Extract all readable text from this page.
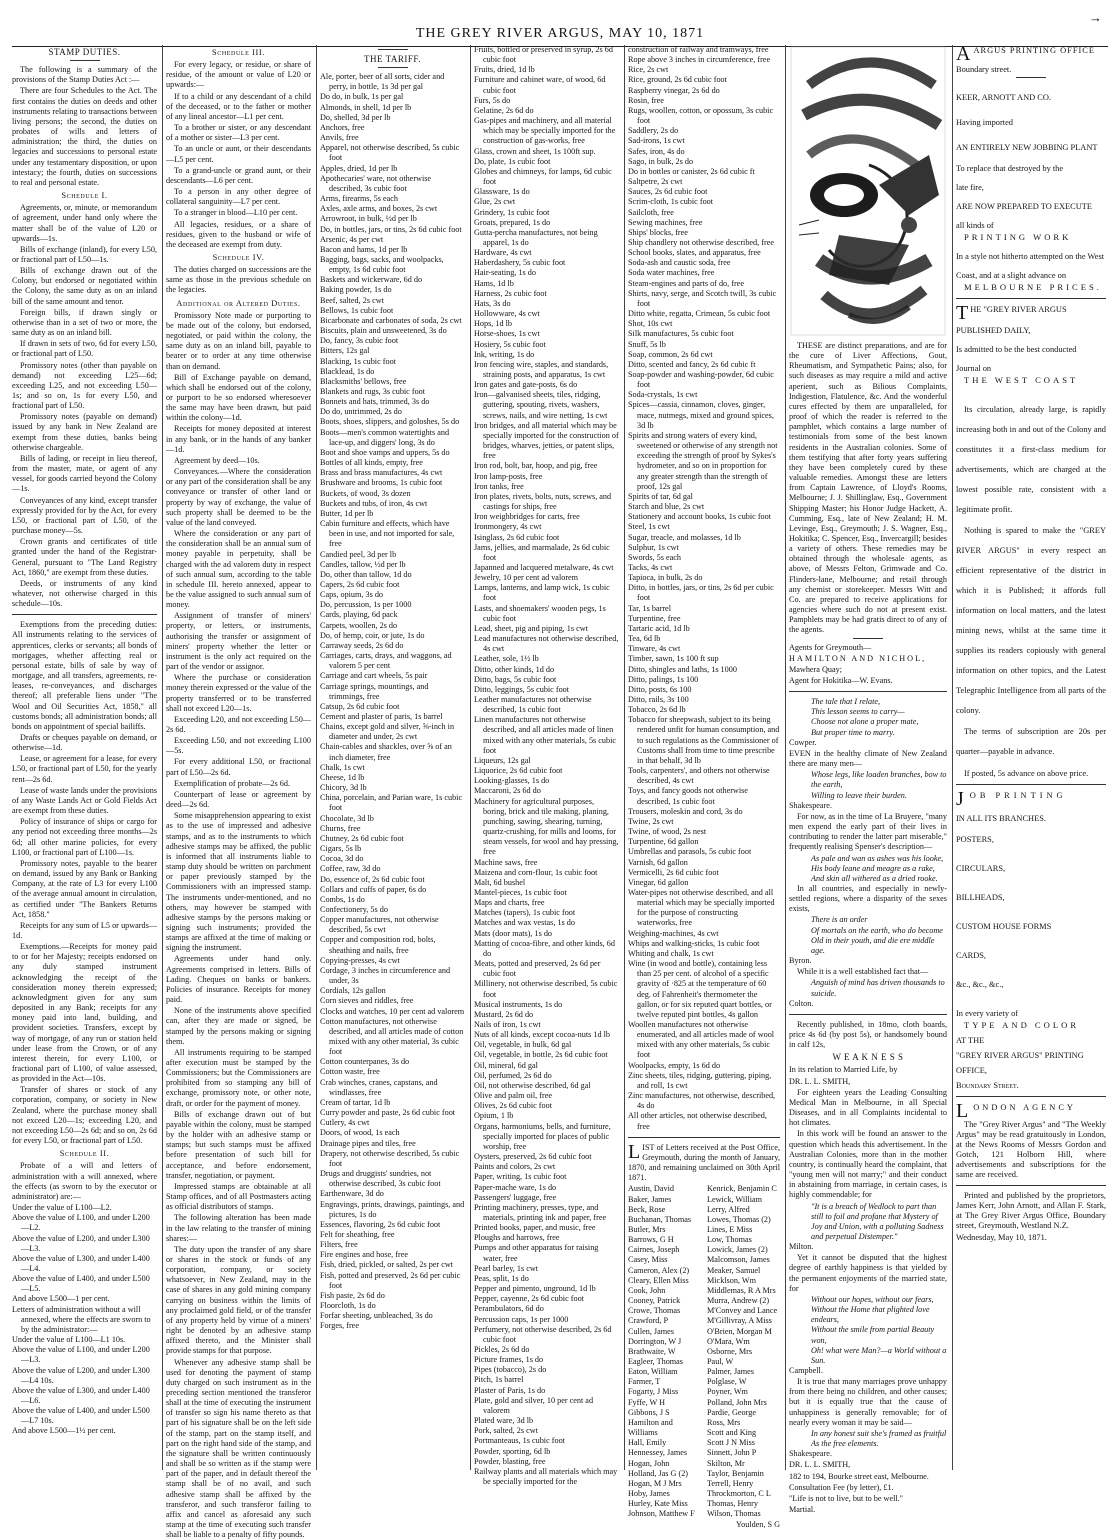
THE GREY RIVER ARGUS, MAY 10, 1871
→
STAMP DUTIES.

The following is a summary of the provisions of the Stamp Duties Act :—

There are four Schedules to the Act. The first contains the duties on deeds and other instruments relating to transactions between living persons; the second, the duties on probates of wills and letters of administration; the third, the duties on legacies and successions to personal estate under any testamentary disposition, or upon intestacy; the fourth, duties on successions to real and personal estate.

Schedule I.

Agreements, or, minute, or memorandum of agreement, under hand only where the matter shall be of the value of L20 or upwards—1s.

Bills of exchange (inland), for every L50, or fractional part of L50—1s.

Bills of exchange drawn out of the Colony, but endorsed or negotiated within the Colony, the same duty as on an inland bill of the same amount and tenor.

Foreign bills, if drawn singly or otherwise than in a set of two or more, the same duty as on an inland bill.

If drawn in sets of two, 6d for every L50, or fractional part of L50.

Promissory notes (other than payable on demand) not exceeding L25—6d; exceeding L25, and not exceeding L50—1s; and so on, 1s for every L50, and fractional part of L50.

Promissory notes (payable on demand) issued by any bank in New Zealand are exempt from these duties, banks being otherwise chargeable.

Bills of lading, or receipt in lieu thereof, from the master, mate, or agent of any vessel, for goods carried beyond the Colony—1s.

Conveyances of any kind, except transfer expressly provided for by the Act, for every L50, or fractional part of L50, of the purchase money—5s.

Crown grants and certificates of title granted under the hand of the Registrar-General, pursuant to "The Land Registry Act, 1860," are exempt from these duties.

Deeds, or instruments of any kind whatever, not otherwise charged in this schedule—10s.

Exemptions from the preceding duties: All instruments relating to the services of apprentices, clerks or servants; all bonds of mortgages, whether affecting real or personal estate, bills of sale by way of mortgage, and all transfers, agreements, re-leases, re-conveyances, and discharges thereof; all preferable liens under "The Wool and Oil Securities Act, 1858," all customs bonds; all administration bonds; all bonds on appointment of special bailiffs.

Drafts or cheques payable on demand, or otherwise—1d.

Lease, or agreement for a lease, for every L50, or fractional part of L50, for the yearly rent—2s 6d.

Lease of waste lands under the provisions of any Waste Lands Act or Gold Fields Act are exempt from these duties.

Policy of insurance of ships or cargo for any period not exceeding three months—2s 6d; all other marine policies, for every L100, or fractional part of L100—1s.

Promissory notes, payable to the bearer on demand, issued by any Bank or Banking Company, at the rate of L3 for every L100 of the average annual amount in circulation, as certified under "The Bankers Returns Act, 1858."

Receipts for any sum of L5 or upwards—1d.

Exemptions.—Receipts for money paid to or for her Majesty; receipts endorsed on any duly stamped instrument acknowledging the receipt of the consideration money therein expressed; acknowledgment given for any sum deposited in any Bank; receipts for any money paid into land, building, and provident societies. Transfers, except by way of mortgage, of any run or station held under lease from the Crown, or of any interest therein, for every L100, or fractional part of L100, of value assessed, as provided in the Act—10s.

Transfer of shares or stock of any corporation, company, or society in New Zealand, where the purchase money shall not exceed L20—1s; exceeding L20, and not exceeding L50—2s 6d; and so on, 2s 6d for every L50, or fractional part of L50.

Schedule II.

Probate of a will and letters of administration with a will annexed, where the effects (as sworn to by the executor or administrator) are:—

Under the value of L100—L2.
Above the value of L100, and under L200—L2.
Above the value of L200, and under L300—L3.
Above the value of L300, and under L400—L4.
Above the value of L400, and under L500—L5.
And above L500—1 per cent.
Letters of administration without a will annexed, where the effects are sworn to by the administrator:—
Under the value of L100—L1 10s.
Above the value of L100, and under L200—L3.
Above the value of L200, and under L300—L4 10s.
Above the value of L300, and under L400—L6.
Above the value of L400, and under L500—L7 10s.
And above L500—1½ per cent.
Schedule III.

For every legacy, or residue, or share of residue, of the amount or value of L20 or upwards:—

If to a child or any descendant of a child of the deceased, or to the father or mother of any lineal ancestor—L1 per cent.

To a brother or sister, or any descendant of a mother or sister—L3 per cent.

To an uncle or aunt, or their descendants—L5 per cent.

To a grand-uncle or grand aunt, or their descendants—L6 per cent.

To a person in any other degree of collateral sanguinity—L7 per cent.

To a stranger in blood—L10 per cent.

All legacies, residues, or a share of residues, given to the husband or wife of the deceased are exempt from duty.

Schedule IV.

The duties charged on successions are the same as those in the previous schedule on the legacies.

Additional or Altered Duties.

Promissory Note made or purporting to be made out of the colony, but endorsed, negotiated, or paid within the colony, the same duty as on an inland bill, payable to bearer or to order at any time otherwise than on demand.

Bill of Exchange payable on demand, which shall be endorsed out of the colony, or purport to be so endorsed wheresoever the same may have been drawn, but paid within the colony—1d.

Receipts for money deposited at interest in any bank, or in the hands of any banker—1d.

Agreement by deed—10s.

Conveyances.—Where the consideration or any part of the consideration shall be any conveyance or transfer of other land or property by way of exchange, the value of such property shall be deemed to be the value of the land conveyed.

Where the consideration or any part of the consideration shall be an annual sum of money payable in perpetuity, shall be charged with the ad valorem duty in respect of such annual sum, according to the table in schedule III. hereto annexed, appear to be the value assigned to such annual sum of money.

Assignment of transfer of miners' property, or letters, or instruments, authorising the transfer or assignment of miners' property whether the letter or instrument is the only act required on the part of the vendor or assignor.

Where the purchase or consideration money therein expressed or the value of the property transferred or to be transferred shall not exceed L20—1s.

Exceeding L20, and not exceeding L50—2s 6d.

Exceeding L50, and not exceeding L100—5s.

For every additional L50, or fractional part of L50—2s 6d.

Exemplification of probate—2s 6d.

Counterpart of lease or agreement by deed—2s 6d.

Some misapprehension appearing to exist as to the use of impressed and adhesive stamps, and as to the instruments to which adhesive stamps may be affixed, the public is informed that all instruments liable to stamp duty should be written on parchment or paper previously stamped by the Commissioners with an impressed stamp. The instruments under-mentioned, and no others, may however be stamped with adhesive stamps by the persons making or signing such instruments; provided the stamps are affixed at the time of making or signing the instrument.

Agreements under hand only. Agreements comprised in letters. Bills of Lading. Cheques on banks or bankers. Policies of insurance. Receipts for money paid.

None of the instruments above specified can, after they are made or signed, be stamped by the persons making or signing them.

All instruments requiring to be stamped after execution must be stamped by the Commissioners; but the Commissioners are prohibited from so stamping any bill of exchange, promissory note, or other note, draft, or order for the payment of money.

Bills of exchange drawn out of but payable within the colony, must be stamped by the holder with an adhesive stamp or stamps; but such stamps must be affixed before presentation of such bill for acceptance, and before endorsement, transfer, negotiation, or payment.

Impressed stamps are obtainable at all Stamp offices, and of all Postmasters acting as official distributors of stamps.

The following alteration has been made in the law relating to the transfer of mining shares:—

The duty upon the transfer of any share or shares in the stock or funds of any corporation, company, or society whatsoever, in New Zealand, may in the case of shares in any gold mining company carrying on business within the limits of any proclaimed gold field, or of the transfer of any property held by virtue of a miners' right be denoted by an adhesive stamp affixed thereto, and the Minister shall provide stamps for that purpose.

Whenever any adhesive stamp shall be used for denoting the payment of stamp duty charged on such instrument as in the preceding section mentioned the transferor shall at the time of executing the instrument of transfer so sign his name thereto as that part of his signature shall be on the left side of the stamp, part on the stamp itself, and part on the right hand side of the stamp, and the signature shall be written continuously and shall be so written as if the stamp were part of the paper, and in default thereof the stamp shall be of no avail, and such adhesive stamp shall be affixed by the transferor, and such transferor failing to affix and cancel as aforesaid any such stamp at the time of executing such transfer shall be liable to a penalty of fifty pounds.

THE TARIFF.
Ale, porter, beer of all sorts, cider and perry, in bottle, 1s 3d per gal
Do do, in bulk, 1s per gal
Almonds, in shell, 1d per lb
Do, shelled, 3d per lb
Anchors, free
Anvils, free
Apparel, not otherwise described, 5s cubic foot
Apples, dried, 1d per lb
Apothecaries' ware, not otherwise described, 3s cubic foot
Arms, firearms, 5s each
Axles, axle arms, and boxes, 2s cwt
Arrowroot, in bulk, ½d per lb
Do, in bottles, jars, or tins, 2s 6d cubic foot
Arsenic, 4s per cwt
Bacon and hams, 1d per lb
Bagging, bags, sacks, and woolpacks, empty, 1s 6d cubic foot
Baskets and wickerware, 6d do
Baking powder, 1s do
Beef, salted, 2s cwt
Bellows, 1s cubic foot
Bicarbonate and carbonates of soda, 2s cwt
Biscuits, plain and unsweetened, 3s do
Do, fancy, 3s cubic foot
Bitters, 12s gal
Blacking, 1s cubic foot
Blacklead, 1s do
Blacksmiths' bellows, free
Blankets and rugs, 3s cubic foot
Bonnets and hats, trimmed, 3s do
Do do, untrimmed, 2s do
Boots, shoes, slippers, and goloshes, 5s do
Boots—men's common watertights and lace-up, and diggers' long, 3s do
Boot and shoe vamps and uppers, 5s do
Bottles of all kinds, empty, free
Brass and brass manufactures, 4s cwt
Brushware and brooms, 1s cubic foot
Buckets, of wood, 3s dozen
Buckets and tubs, of iron, 4s cwt
Butter, 1d per lb
Cabin furniture and effects, which have been in use, and not imported for sale, free
Candied peel, 3d per lb
Candles, tallow, ½d per lb
Do, other than tallow, 1d do
Capers, 2s 6d cubic foot
Caps, opium, 3s do
Do, percussion, 1s per 1000
Cards, playing, 6d pack
Carpets, woollen, 2s do
Do, of hemp, coir, or jute, 1s do
Carraway seeds, 2s 6d do
Carriages, carts, drays, and waggons, ad valorem 5 per cent
Carriage and cart wheels, 5s pair
Carriage springs, mountings, and trimmings, free
Catsup, 2s 6d cubic foot
Cement and plaster of paris, 1s barrel
Chains, except gold and silver, ⅝-inch in diameter and under, 2s cwt
Chain-cables and shackles, over ⅝ of an inch diameter, free
Chalk, 1s cwt
Cheese, 1d lb
Chicory, 3d lb
China, porcelain, and Parian ware, 1s cubic foot
Chocolate, 3d lb
Churns, free
Chutney, 2s 6d cubic foot
Cigars, 5s lb
Cocoa, 3d do
Coffee, raw, 3d do
Do, essence of, 2s 6d cubic foot
Collars and cuffs of paper, 6s do
Combs, 1s do
Confectionery, 5s do
Copper manufactures, not otherwise described, 5s cwt
Copper and composition rod, bolts, sheathing and nails, free
Copying-presses, 4s cwt
Cordage, 3 inches in circumference and under, 3s
Cordials, 12s gallon
Corn sieves and riddles, free
Clocks and watches, 10 per cent ad valorem
Cotton manufactures, not otherwise described, and all articles made of cotton mixed with any other material, 3s cubic foot
Cotton counterpanes, 3s do
Cotton waste, free
Crab winches, cranes, capstans, and windlasses, free
Cream of tartar, 1d lb
Curry powder and paste, 2s 6d cubic foot
Cutlery, 4s cwt
Doors, of wood, 1s each
Drainage pipes and tiles, free
Drapery, not otherwise described, 5s cubic foot
Drugs and druggists' sundries, not otherwise described, 3s cubic foot
Earthenware, 3d do
Engravings, prints, drawings, paintings, and pictures, 1s do
Essences, flavoring, 2s 6d cubic foot
Felt for sheathing, free
Filters, free
Fire engines and hose, free
Fish, dried, pickled, or salted, 2s per cwt
Fish, potted and preserved, 2s 6d per cubic foot
Fish paste, 2s 6d do
Floorcloth, 1s do
Forfar sheeting, unbleached, 3s do
Forges, free
Fruits, bottled or preserved in syrup, 2s 6d cubic foot
Fruits, dried, 1d lb
Furniture and cabinet ware, of wood, 6d cubic foot
Furs, 5s do
Gelatine, 2s 6d do
Gas-pipes and machinery, and all material which may be specially imported for the construction of gas-works, free
Glass, crown and sheet, 1s 100ft sup.
Do, plate, 1s cubic foot
Globes and chimneys, for lamps, 6d cubic foot
Glassware, 1s do
Glue, 2s cwt
Grindery, 1s cubic foot
Groats, prepared, 1s do
Gutta-percha manufactures, not being apparel, 1s do
Hardware, 4s cwt
Haberdashery, 5s cubic foot
Hair-seating, 1s do
Hams, 1d lb
Harness, 2s cubic foot
Hats, 3s do
Hollowware, 4s cwt
Hops, 1d lb
Horse-shoes, 1s cwt
Hosiery, 5s cubic foot
Ink, writing, 1s do
Iron fencing wire, staples, and standards, straining posts, and apparatus, 1s cwt
Iron gates and gate-posts, 6s do
Iron—galvanised sheets, tiles, ridging, guttering, spouting, rivets, washers, screws, nails, and wire netting, 1s cwt
Iron bridges, and all material which may be specially imported for the construction of bridges, wharves, jetties, or patent slips, free
Iron rod, bolt, bar, hoop, and pig, free
Iron lamp-posts, free
Iron tanks, free
Iron plates, rivets, bolts, nuts, screws, and castings for ships, free
Iron weighbridges for carts, free
Ironmongery, 4s cwt
Isinglass, 2s 6d cubic foot
Jams, jellies, and marmalade, 2s 6d cubic foot
Japanned and lacquered metalware, 4s cwt
Jewelry, 10 per cent ad valorem
Lamps, lanterns, and lamp wick, 1s cubic foot
Lasts, and shoemakers' wooden pegs, 1s cubic foot
Lead, sheet, pig and piping, 1s cwt
Lead manufactures not otherwise described, 4s cwt
Leather, sole, 1½ lb
Ditto, other kinds, 1d do
Ditto, bags, 5s cubic foot
Ditto, leggings, 5s cubic foot
Leather manufactures not otherwise described, 1s cubic foot
Linen manufactures not otherwise described, and all articles made of linen mixed with any other materials, 5s cubic foot
Liqueurs, 12s gal
Liquorice, 2s 6d cubic foot
Looking-glasses, 1s do
Maccaroni, 2s 6d do
Machinery for agricultural purposes, boring, brick and tile making, planing, punching, sawing, shearing, turning, quartz-crushing, for mills and looms, for steam vessels, for wool and hay pressing, free
Machine saws, free
Maizena and corn-flour, 1s cubic foot
Malt, 6d bushel
Mantel-pieces, 1s cubic foot
Maps and charts, free
Matches (tapers), 1s cubic foot
Matches and wax vestas, 1s do
Mats (door mats), 1s do
Matting of cocoa-fibre, and other kinds, 6d do
Meats, potted and preserved, 2s 6d per cubic foot
Millinery, not otherwise described, 5s cubic foot
Musical instruments, 1s do
Mustard, 2s 6d do
Nails of iron, 1s cwt
Nuts of all kinds, except cocoa-nuts 1d lb
Oil, vegetable, in bulk, 6d gal
Oil, vegetable, in bottle, 2s 6d cubic foot
Oil, mineral, 6d gal
Oil, perfumed, 2s 6d do
Oil, not otherwise described, 6d gal
Olive and palm oil, free
Olives, 2s 6d cubic foot
Opium, 1 lb
Organs, harmoniums, bells, and furniture, specially imported for places of public worship, free
Oysters, preserved, 2s 6d cubic foot
Paints and colors, 2s cwt
Paper, writing, 1s cubic foot
Paper-mache ware, 1s do
Passengers' luggage, free
Printing machinery, presses, type, and materials, printing ink and paper, free
Printed books, paper, and music, free
Ploughs and harrows, free
Pumps and other apparatus for raising water, free
Pearl barley, 1s cwt
Peas, split, 1s do
Pepper and pimento, unground, 1d lb
Pepper, cayenne, 2s 6d cubic foot
Perambulators, 6d do
Percussion caps, 1s per 1000
Perfumery, not otherwise described, 2s 6d cubic foot
Pickles, 2s 6d do
Picture frames, 1s do
Pipes (tobacco), 2s do
Pitch, 1s barrel
Plaster of Paris, 1s do
Plate, gold and silver, 10 per cent ad valorem
Plated ware, 3d lb
Pork, salted, 2s cwt
Portmanteaus, 1s cubic foot
Powder, sporting, 6d lb
Powder, blasting, free
Railway plants and all materials which may be specially imported for the
construction of railway and tramways, free
Rope above 3 inches in circumference, free
Rice, 2s cwt
Rice, ground, 2s 6d cubic foot
Raspberry vinegar, 2s 6d do
Rosin, free
Rugs, woollen, cotton, or opossum, 3s cubic foot
Saddlery, 2s do
Sad-irons, 1s cwt
Safes, iron, 4s do
Sago, in bulk, 2s do
Do in bottles or canister, 2s 6d cubic ft
Saltpetre, 2s cwt
Sauces, 2s 6d cubic foot
Scrim-cloth, 1s cubic foot
Sailcloth, free
Sewing machines, free
Ships' blocks, free
Ship chandlery not otherwise described, free
School books, slates, and apparatus, free
Soda-ash and caustic soda, free
Soda water machines, free
Steam-engines and parts of do, free
Shirts, navy, serge, and Scotch twill, 3s cubic foot
Ditto white, regatta, Crimean, 5s cubic foot
Shot, 10s cwt
Silk manufactures, 5s cubic foot
Snuff, 5s lb
Soap, common, 2s 6d cwt
Ditto, scented and fancy, 2s 6d cubic ft
Soap-powder and washing-powder, 6d cubic foot
Soda-crystals, 1s cwt
Spices—cassia, cinnamon, cloves, ginger, mace, nutmegs, mixed and ground spices, 3d lb
Spirits and strong waters of every kind, sweetened or otherwise of any strength not exceeding the strength of proof by Sykes's hydrometer, and so on in proportion for any greater strength than the strength of proof, 12s gal
Spirits of tar, 6d gal
Starch and blue, 2s cwt
Stationery and account books, 1s cubic foot
Steel, 1s cwt
Sugar, treacle, and molasses, 1d lb
Sulphur, 1s cwt
Swords, 5s each
Tacks, 4s cwt
Tapioca, in bulk, 2s do
Ditto, in bottles, jars, or tins, 2s 6d per cubic foot
Tar, 1s barrel
Turpentine, free
Tartaric acid, 1d lb
Tea, 6d lb
Tinware, 4s cwt
Timber, sawn, 1s 100 ft sup
Ditto, shingles and laths, 1s 1000
Ditto, palings, 1s 100
Ditto, posts, 6s 100
Ditto, rails, 3s 100
Tobacco, 2s 6d lb
Tobacco for sheepwash, subject to its being rendered unfit for human consumption, and to such regulations as the Commissioner of Customs shall from time to time prescribe in that behalf, 3d lb
Tools, carpenters', and others not otherwise described, 4s cwt
Toys, and fancy goods not otherwise described, 1s cubic foot
Trousers, moleskin and cord, 3s do
Twine, 2s cwt
Twine, of wood, 2s nest
Turpentine, 6d gallon
Umbrellas and parasols, 5s cubic foot
Varnish, 6d gallon
Vermicelli, 2s 6d cubic foot
Vinegar, 6d gallon
Water-pipes not otherwise described, and all material which may be specially imported for the purpose of constructing waterworks, free
Weighing-machines, 4s cwt
Whips and walking-sticks, 1s cubic foot
Whiting and chalk, 1s cwt
Wine (in wood and bottle), containing less than 25 per cent. of alcohol of a specific gravity of ·825 at the temperature of 60 deg. of Fahrenheit's thermometer the gallon, or for six reputed quart bottles, or twelve reputed pint bottles, 4s gallon
Woollen manufactures not otherwise enumerated, and all articles made of wool mixed with any other materials, 5s cubic foot
Woolpacks, empty, 1s 6d do
Zinc sheets, tiles, ridging, guttering, piping, and roll, 1s cwt
Zinc manufactures, not otherwise, described, 4s do
All other articles, not otherwise described, free

LIST of Letters received at the Post Office, Greymouth, during the month of January, 1870, and remaining unclaimed on 30th April 1871.

Austin, David
Baker, James
Beck, Rose
Buchanan, Thomas
Butler, Mrs
Barrows, G H
Cairnes, Joseph
Casey, Miss
Cameron, Alex (2)
Cleary, Ellen Miss
Cook, John
Cooney, Patrick
Crowe, Thomas
Crawford, P
Cullen, James
Dorrington, W J
Brathwaite, W
Eagleer, Thomas
Eaton, William
Farmer, T
Fogarty, J Miss
Fyffe, W H
Gibbons, J S
Hamilton and Williams
Hall, Emily
Hennessey, James
Hogan, John
Holland, Jas G (2)
Hogan, M J Mrs
Hoby, James
Hurley, Kate Miss
Johnson, Matthew F
Kenrick, Benjamin C
Lewick, William
Lerry, Alfred
Lowes, Thomas (2)
Lines, E Miss
Low, Thomas
Lowick, James (2)
Malcomson, James
Meaker, Samuel
Micklson, Wm
Middlemas, R A Mrs
Murra, Andrew (2)
M'Convey and Lance
M'Gillivray, A Miss
O'Brien, Morgan M
O'Mara, Wm
Osborne, Mrs
Paul, W
Palmer, James
Polglase, W
Poyner, Wm
Polland, John Mrs
Pardie, George
Ross, Mrs
Scott and King
Scott J N Miss
Sinnett, John P
Skilton, Mr
Taylor, Benjamin
Terrell, Henry
Throckmorton, C L
Thomas, Henry
Wilson, Thomas
Youlden, S G

THESE are distinct preparations, and are for the cure of Liver Affections, Gout, Rheumatism, and Sympathetic Pains; also, for such diseases as may require a mild and active aperient, such as Bilious Complaints, Indigestion, Flatulence, &c. And the wonderful cures effected by them are unparalleled, for proof of which the reader is referred to the pamphlet, which contains a large number of testimonials from some of the best known residents in the Australian colonies. Some of them testifying that after forty years suffering they have been completely cured by these valuable remedies. Amongst these are letters from Captain Lawrence, of Lloyd's Rooms, Melbourne; J. J. Shillinglaw, Esq., Government Shipping Master; his Honor Judge Hackett, A. Cumming, Esq., late of New Zealand; H. M. Levinge, Esq., Greymouth; J. S. Wagner, Esq., Hokitika; C. Spencer, Esq., Invercargill; besides a variety of others. These remedies may be obtained through the wholesale agents, as above, of Messrs Felton, Grimwade and Co. Flinders-lane, Melbourne; and retail through any chemist or storekeeper. Messrs Witt and Co. are prepared to receive applications for agencies where such do not at present exist. Pamphlets may be had gratis direct to of any of the agents.

Agents for Greymouth—

HAMILTON AND NICHOL,

Mawhera Quay;

Agent for Hokitika—W. Evans.

The tale that I relate,
This lesson seems to carry—
Choose not alone a proper mate,
But proper time to marry.

Cowper.

EVEN in the healthy climate of New Zealand there are many men—

Whose legs, like loaden branches, bow to the earth,
Willing to leave their burden.

Shakespeare.

For now, as in the time of La Bruyere, "many men expend the early part of their lives in contributing to render the latter part miserable," frequently realising Spenser's description—

As pale and wan as ashes was his looke,
His body leane and meagre as a rake,
And skin all withered as a dried rooke.

In all countries, and especially in newly-settled regions, where a disparity of the sexes exists,

There is an order
Of mortals on the earth, who do become
Old in their youth, and die ere middle age.

Byron.

While it is a well established fact that—

Anguish of mind has driven thousands to suicide.

Colton.

Recently published, in 18mo, cloth boards, price 4s 6d (by post 5s), or handsomely bound in calf 12s,

W E A K N E S S

In its relation to Married Life, by

DR. L. L. SMITH,

For eighteen years the Leading Consulting Medical Man in Melbourne, in all Special Diseases, and in all Complaints incidental to hot climates.

In this work will be found an answer to the question which heads this advertisement. In the Australian Colonies, more than in the mother country, is continually heard the complaint, that "young men will not marry;" and their conduct in abstaining from marriage, in certain cases, is highly commendable; for

"It is a breach of Wedlock to part than still to foil and profane that Mystery of Joy and Union, with a polluting Sadness and perpetual Distemper."

Milton.

Yet it cannot be disputed that the highest degree of earthly happiness is that yielded by the permanent enjoyments of the married state, for

Without our hopes, without our fears,
Without the Home that plighted love endears,
Without the smile from partial Beauty won,
Oh! what were Man?—a World without a Sun.

Campbell.

It is true that many marriages prove unhappy from there being no children, and other causes; but it is equally true that the cause of unhappiness is generally removable; for of nearly every woman it may be said—

In any honest suit she's framed as fruitful As the free elements.

Shakespeare.

DR. L. L. SMITH,

182 to 194, Bourke street east, Melbourne.

Consultation Fee (by letter), £1.

"Life is not to live, but to be well."

Martial.

AARGUS PRINTING OFFICE

Boundary street.

KEER, ARNOTT AND CO.

Having imported

AN ENTIRELY NEW JOBBING PLANT

To replace that destroyed by the

late fire,

ARE NOW PREPARED TO EXECUTE

all kinds of

PRINTING WORK

In a style not hitherto attempted on the West

Coast, and at a slight advance on

MELBOURNE PRICES.

THE "GREY RIVER ARGUS

PUBLISHED DAILY,

Is admitted to be the best conducted

Journal on

THE WEST COAST

Its circulation, already large, is rapidly increasing both in and out of the Colony and constitutes it a first-class medium for advertisements, which are charged at the lowest possible rate, consistent with a legitimate profit.

Nothing is spared to make the "GREY RIVER ARGUS" in every respect an efficient representative of the district in which it is Published; it affords full information on local matters, and the latest mining news, whilst at the same time it supplies its readers copiously with general information on other topics, and the Latest Telegraphic Intelligence from all parts of the colony.

The terms of subscription are 20s per quarter—payable in advance.

If posted, 5s advance on above price.

JOB PRINTING

IN ALL ITS BRANCHES.

POSTERS,

CIRCULARS,

BILLHEADS,

CUSTOM HOUSE FORMS

CARDS,

&c., &c., &c.,

In every variety of

TYPE AND COLOR

AT THE

"GREY RIVER ARGUS" PRINTING

OFFICE,

Boundary Street.

LONDON AGENCY

The "Grey River Argus" and "The Weekly Argus" may be read gratuitously in London, at the News Rooms of Messrs Gordon and Gotch, 121 Holborn Hill, where advertisements and subscriptions for the same are received.

Printed and published by the proprietors, James Kerr, John Arnott, and Allan F. Stark, at The Grey River Argus Office, Boundary street, Greymouth, Westland N.Z.

Wednesday, May 10, 1871.
